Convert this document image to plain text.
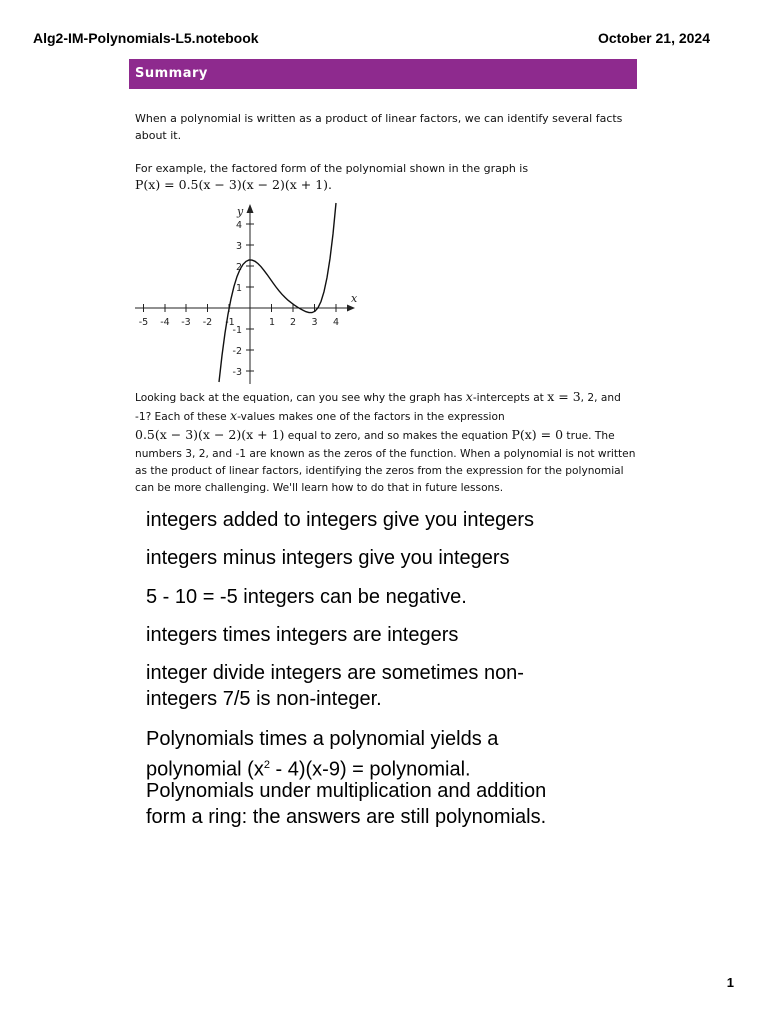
Alg2-IM-Polynomials-L5.notebook	October 21, 2024
Summary
When a polynomial is written as a product of linear factors, we can identify several facts about it.
For example, the factored form of the polynomial shown in the graph is
P(x) = 0.5(x − 3)(x − 2)(x + 1).
-5 -4 -3 -2 -1	1 2 3 4
4
3
2
1
-1
-2
-3
x
y
Looking back at the equation, can you see why the graph has x-intercepts at x = 3, 2, and -1? Each of these x-values makes one of the factors in the expression
0.5(x − 3)(x − 2)(x + 1) equal to zero, and so makes the equation P(x) = 0 true. The numbers 3, 2, and -1 are known as the zeros of the function. When a polynomial is not written as the product of linear factors, identifying the zeros from the expression for the polynomial can be more challenging. We'll learn how to do that in future lessons.
integers added to integers give you integers
integers minus integers give you integers
5 - 10 = -5 integers can be negative.
integers times integers are integers
integer divide integers are sometimes non-
integers 7/5 is non-integer.
Polynomials times a polynomial yields a
polynomial $(x^2 - 4)(x-9)$ = polynomial.
Polynomials under multiplication and addition
form a ring: the answers are still polynomials.
1
